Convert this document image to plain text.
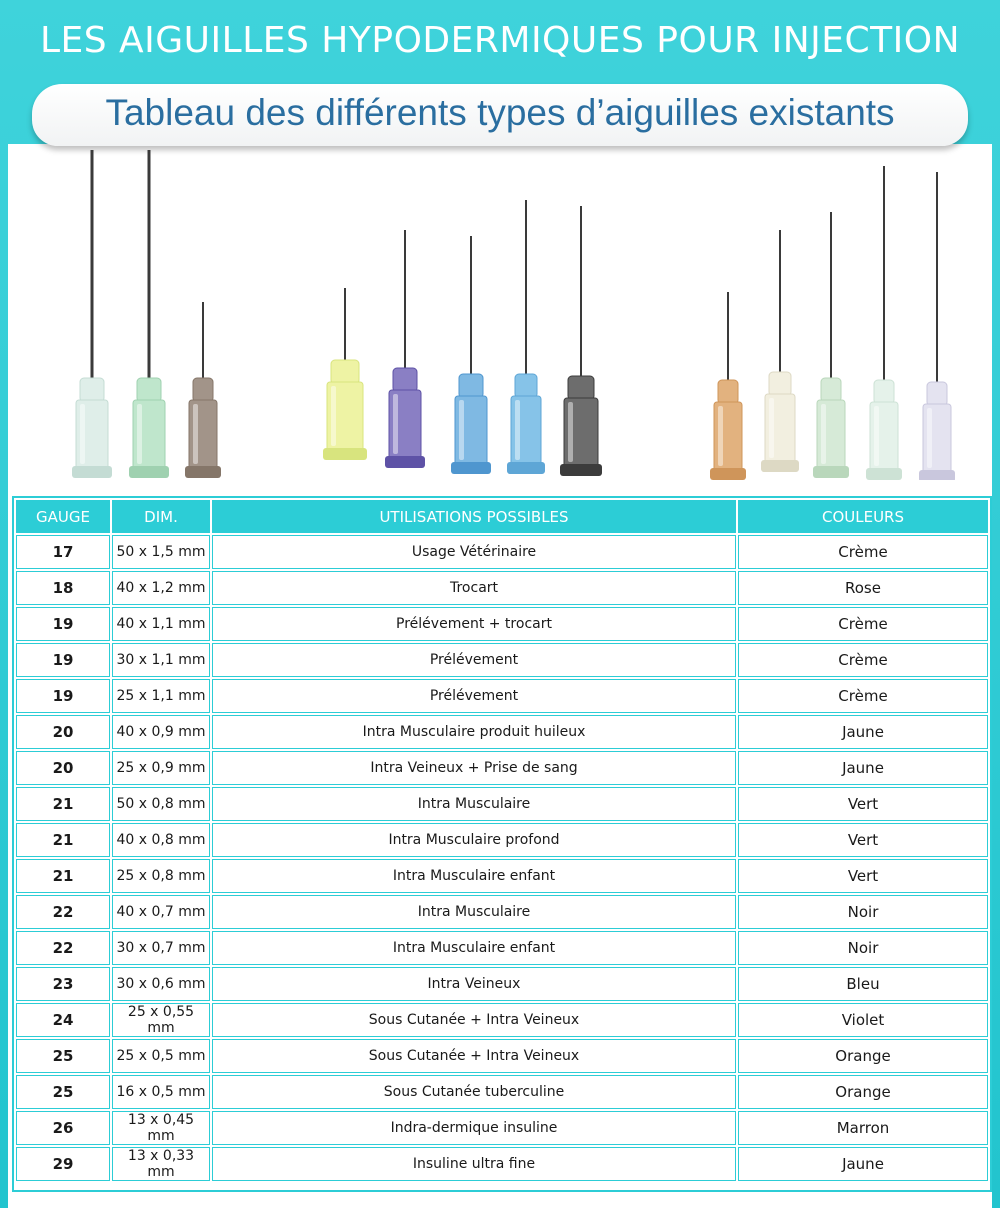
LES AIGUILLES HYPODERMIQUES POUR INJECTION
Tableau des différents types d’aiguilles existants
GAUGE	DIM.	UTILISATIONS POSSIBLES	COULEURS
17	50 x 1,5 mm	Usage Vétérinaire	Crème
18	40 x 1,2 mm	Trocart	Rose
19	40 x 1,1 mm	Prélévement + trocart	Crème
19	30 x 1,1 mm	Prélévement	Crème
19	25 x 1,1 mm	Prélévement	Crème
20	40 x 0,9 mm	Intra Musculaire produit huileux	Jaune
20	25 x 0,9 mm	Intra Veineux + Prise de sang	Jaune
21	50 x 0,8 mm	Intra Musculaire	Vert
21	40 x 0,8 mm	Intra Musculaire profond	Vert
21	25 x 0,8 mm	Intra Musculaire enfant	Vert
22	40 x 0,7 mm	Intra Musculaire	Noir
22	30 x 0,7 mm	Intra Musculaire enfant	Noir
23	30 x 0,6 mm	Intra Veineux	Bleu
24	25 x 0,55 mm	Sous Cutanée + Intra Veineux	Violet
25	25 x 0,5 mm	Sous Cutanée + Intra Veineux	Orange
25	16 x 0,5 mm	Sous Cutanée tuberculine	Orange
26	13 x 0,45 mm	Indra-dermique insuline	Marron
29	13 x 0,33 mm	Insuline ultra fine	Jaune
